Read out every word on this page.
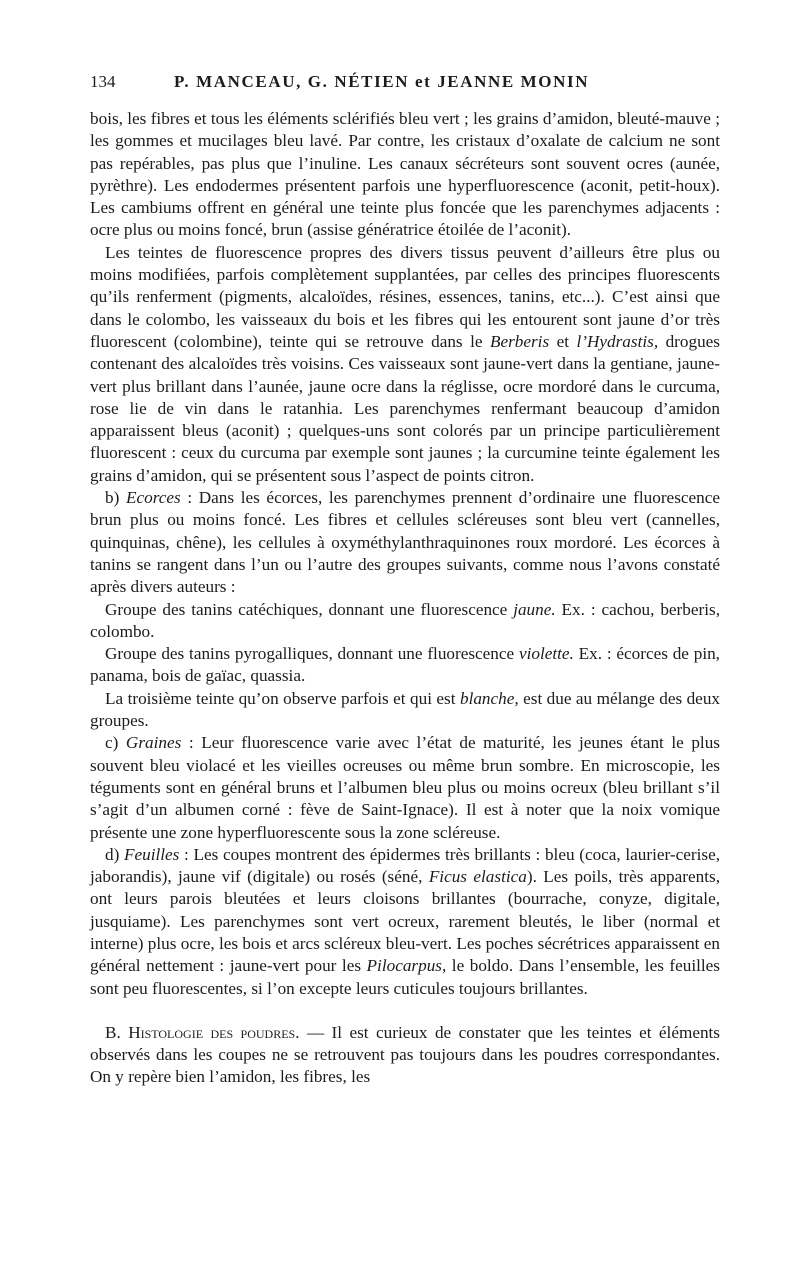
134	P. MANCEAU, G. NÉTIEN et JEANNE MONIN

bois, les fibres et tous les éléments sclérifiés bleu vert ; les grains d’amidon, bleuté-mauve ; les gommes et mucilages bleu lavé. Par contre, les cristaux d’oxalate de calcium ne sont pas repérables, pas plus que l’inuline. Les canaux sécréteurs sont souvent ocres (aunée, pyrèthre). Les endodermes présentent parfois une hyperfluorescence (aconit, petit-houx). Les cambiums offrent en général une teinte plus foncée que les parenchymes adjacents : ocre plus ou moins foncé, brun (assise génératrice étoilée de l’aconit).

Les teintes de fluorescence propres des divers tissus peuvent d’ailleurs être plus ou moins modifiées, parfois complètement supplantées, par celles des principes fluorescents qu’ils renferment (pigments, alcaloïdes, résines, essences, tanins, etc...). C’est ainsi que dans le colombo, les vaisseaux du bois et les fibres qui les entourent sont jaune d’or très fluorescent (colombine), teinte qui se retrouve dans le Berberis et l’Hydrastis, drogues contenant des alcaloïdes très voisins. Ces vaisseaux sont jaune-vert dans la gentiane, jaune-vert plus brillant dans l’aunée, jaune ocre dans la réglisse, ocre mordoré dans le curcuma, rose lie de vin dans le ratanhia. Les parenchymes renfermant beaucoup d’amidon apparaissent bleus (aconit) ; quelques-uns sont colorés par un principe particulièrement fluorescent : ceux du curcuma par exemple sont jaunes ; la curcumine teinte également les grains d’amidon, qui se présentent sous l’aspect de points citron.

b) Ecorces : Dans les écorces, les parenchymes prennent d’ordinaire une fluorescence brun plus ou moins foncé. Les fibres et cellules scléreuses sont bleu vert (cannelles, quinquinas, chêne), les cellules à oxyméthylanthraquinones roux mordoré. Les écorces à tanins se rangent dans l’un ou l’autre des groupes suivants, comme nous l’avons constaté après divers auteurs :

Groupe des tanins catéchiques, donnant une fluorescence jaune. Ex. : cachou, berberis, colombo.

Groupe des tanins pyrogalliques, donnant une fluorescence violette. Ex. : écorces de pin, panama, bois de gaïac, quassia.

La troisième teinte qu’on observe parfois et qui est blanche, est due au mélange des deux groupes.

c) Graines : Leur fluorescence varie avec l’état de maturité, les jeunes étant le plus souvent bleu violacé et les vieilles ocreuses ou même brun sombre. En microscopie, les téguments sont en général bruns et l’albumen bleu plus ou moins ocreux (bleu brillant s’il s’agit d’un albumen corné : fève de Saint-Ignace). Il est à noter que la noix vomique présente une zone hyperfluorescente sous la zone scléreuse.

d) Feuilles : Les coupes montrent des épidermes très brillants : bleu (coca, laurier-cerise, jaborandis), jaune vif (digitale) ou rosés (séné, Ficus elastica). Les poils, très apparents, ont leurs parois bleutées et leurs cloisons brillantes (bourrache, conyze, digitale, jusquiame). Les parenchymes sont vert ocreux, rarement bleutés, le liber (normal et interne) plus ocre, les bois et arcs scléreux bleu-vert. Les poches sécrétrices apparaissent en général nettement : jaune-vert pour les Pilocarpus, le boldo. Dans l’ensemble, les feuilles sont peu fluorescentes, si l’on excepte leurs cuticules toujours brillantes.

B. Histologie des poudres. — Il est curieux de constater que les teintes et éléments observés dans les coupes ne se retrouvent pas toujours dans les poudres correspondantes. On y repère bien l’amidon, les fibres, les
